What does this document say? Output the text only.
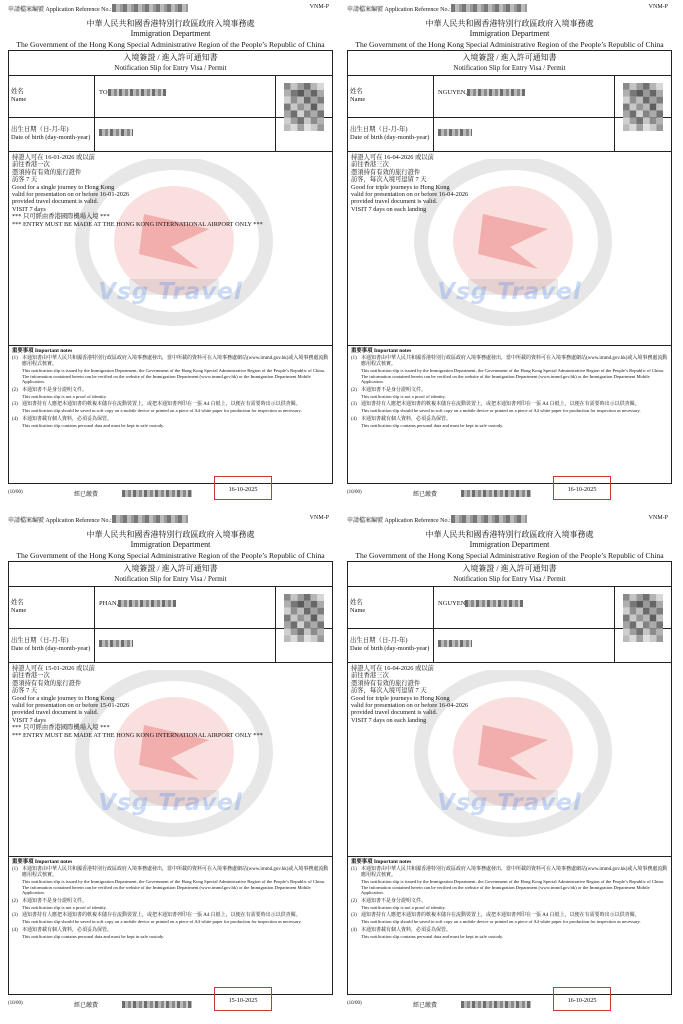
申請檔案編號 Application Reference No.:	VNM-P
中華人民共和國香港特別行政區政府入境事務處
Immigration Department
The Government of the Hong Kong Special Administrative Region of the People’s Republic of China
入境簽證 / 進入許可通知書
Notification Slip for Entry Visa / Permit
姓名
Name
TO
出生日期（日-月-年)
Date of birth (day-month-year)
Vsg Travel
持證人可在 16-01-2026 或以前
前往香港一次
憑須持有有效的旅行證件
訪客 7 天
Good for a single journey to Hong Kong
valid for presentation on or before 16-01-2026
provided travel document is valid.
VISIT 7 days
*** 只可經由香港國際機場入境 ***
*** ENTRY MUST BE MADE AT THE HONG KONG INTERNATIONAL AIRPORT ONLY ***
重要事項 Important notes
(1) 本通知書由中華人民共和國香港特別行政區政府入境事務處發出，當中所載的資料可在入境事務處網站(www.immd.gov.hk)或入境事務處流動應用程式核實。
This notification slip is issued by the Immigration Department, the Government of the Hong Kong Special Administrative Region of the People’s Republic of China. The information contained herein can be verified on the website of the Immigration Department (www.immd.gov.hk) or the Immigration Department Mobile Application.
(2) 本通知書不是身分證明文件。
This notification slip is not a proof of identity.
(3) 通知書持有人應把本通知書的軟複本儲存在流動裝置上，或把本通知書列印在一張 A4 白紙上，以便在有需要時出示以供查閱。
This notification slip should be saved in soft copy on a mobile device or printed on a piece of A4 white paper for production for inspection as necessary.
(4) 本通知書載有個人資料，必須妥為保管。
This notification slip contains personal data and must be kept in safe custody.
(10/00)	經已繳費
16-10-2025
申請檔案編號 Application Reference No.:	VNM-P
中華人民共和國香港特別行政區政府入境事務處
Immigration Department
The Government of the Hong Kong Special Administrative Region of the People’s Republic of China
入境簽證 / 進入許可通知書
Notification Slip for Entry Visa / Permit
姓名
Name
NGUYEN,
出生日期（日-月-年)
Date of birth (day-month-year)
Vsg Travel
持證人可在 16-04-2026 或以前
前往香港三次
憑須持有有效的旅行證件
訪客，每次入境可逗留 7 天
Good for triple journeys to Hong Kong
valid for presentation on or before 16-04-2026
provided travel document is valid.
VISIT 7 days on each landing
重要事項 Important notes
(1) 本通知書由中華人民共和國香港特別行政區政府入境事務處發出，當中所載的資料可在入境事務處網站(www.immd.gov.hk)或入境事務處流動應用程式核實。
This notification slip is issued by the Immigration Department, the Government of the Hong Kong Special Administrative Region of the People’s Republic of China. The information contained herein can be verified on the website of the Immigration Department (www.immd.gov.hk) or the Immigration Department Mobile Application.
(2) 本通知書不是身分證明文件。
This notification slip is not a proof of identity.
(3) 通知書持有人應把本通知書的軟複本儲存在流動裝置上，或把本通知書列印在一張 A4 白紙上，以便在有需要時出示以供查閱。
This notification slip should be saved in soft copy on a mobile device or printed on a piece of A4 white paper for production for inspection as necessary.
(4) 本通知書載有個人資料，必須妥為保管。
This notification slip contains personal data and must be kept in safe custody.
(10/00)	經已繳費
16-10-2025
申請檔案編號 Application Reference No.:	VNM-P
中華人民共和國香港特別行政區政府入境事務處
Immigration Department
The Government of the Hong Kong Special Administrative Region of the People’s Republic of China
入境簽證 / 進入許可通知書
Notification Slip for Entry Visa / Permit
姓名
Name
PHAN,
出生日期（日-月-年)
Date of birth (day-month-year)
Vsg Travel
持證人可在 15-01-2026 或以前
前往香港一次
憑須持有有效的旅行證件
訪客 7 天
Good for a single journey to Hong Kong
valid for presentation on or before 15-01-2026
provided travel document is valid.
VISIT 7 days
*** 只可經由香港國際機場入境 ***
*** ENTRY MUST BE MADE AT THE HONG KONG INTERNATIONAL AIRPORT ONLY ***
重要事項 Important notes
(1) 本通知書由中華人民共和國香港特別行政區政府入境事務處發出，當中所載的資料可在入境事務處網站(www.immd.gov.hk)或入境事務處流動應用程式核實。
This notification slip is issued by the Immigration Department, the Government of the Hong Kong Special Administrative Region of the People’s Republic of China. The information contained herein can be verified on the website of the Immigration Department (www.immd.gov.hk) or the Immigration Department Mobile Application.
(2) 本通知書不是身分證明文件。
This notification slip is not a proof of identity.
(3) 通知書持有人應把本通知書的軟複本儲存在流動裝置上，或把本通知書列印在一張 A4 白紙上，以便在有需要時出示以供查閱。
This notification slip should be saved in soft copy on a mobile device or printed on a piece of A4 white paper for production for inspection as necessary.
(4) 本通知書載有個人資料，必須妥為保管。
This notification slip contains personal data and must be kept in safe custody.
(10/00)	經已繳費
15-10-2025
申請檔案編號 Application Reference No.:	VNM-P
中華人民共和國香港特別行政區政府入境事務處
Immigration Department
The Government of the Hong Kong Special Administrative Region of the People’s Republic of China
入境簽證 / 進入許可通知書
Notification Slip for Entry Visa / Permit
姓名
Name
NGUYEN
出生日期（日-月-年)
Date of birth (day-month-year)
Vsg Travel
持證人可在 16-04-2026 或以前
前往香港三次
憑須持有有效的旅行證件
訪客，每次入境可逗留 7 天
Good for triple journeys to Hong Kong
valid for presentation on or before 16-04-2026
provided travel document is valid.
VISIT 7 days on each landing
重要事項 Important notes
(1) 本通知書由中華人民共和國香港特別行政區政府入境事務處發出，當中所載的資料可在入境事務處網站(www.immd.gov.hk)或入境事務處流動應用程式核實。
This notification slip is issued by the Immigration Department, the Government of the Hong Kong Special Administrative Region of the People’s Republic of China. The information contained herein can be verified on the website of the Immigration Department (www.immd.gov.hk) or the Immigration Department Mobile Application.
(2) 本通知書不是身分證明文件。
This notification slip is not a proof of identity.
(3) 通知書持有人應把本通知書的軟複本儲存在流動裝置上，或把本通知書列印在一張 A4 白紙上，以便在有需要時出示以供查閱。
This notification slip should be saved in soft copy on a mobile device or printed on a piece of A4 white paper for production for inspection as necessary.
(4) 本通知書載有個人資料，必須妥為保管。
This notification slip contains personal data and must be kept in safe custody.
(10/00)	經已繳費
16-10-2025
